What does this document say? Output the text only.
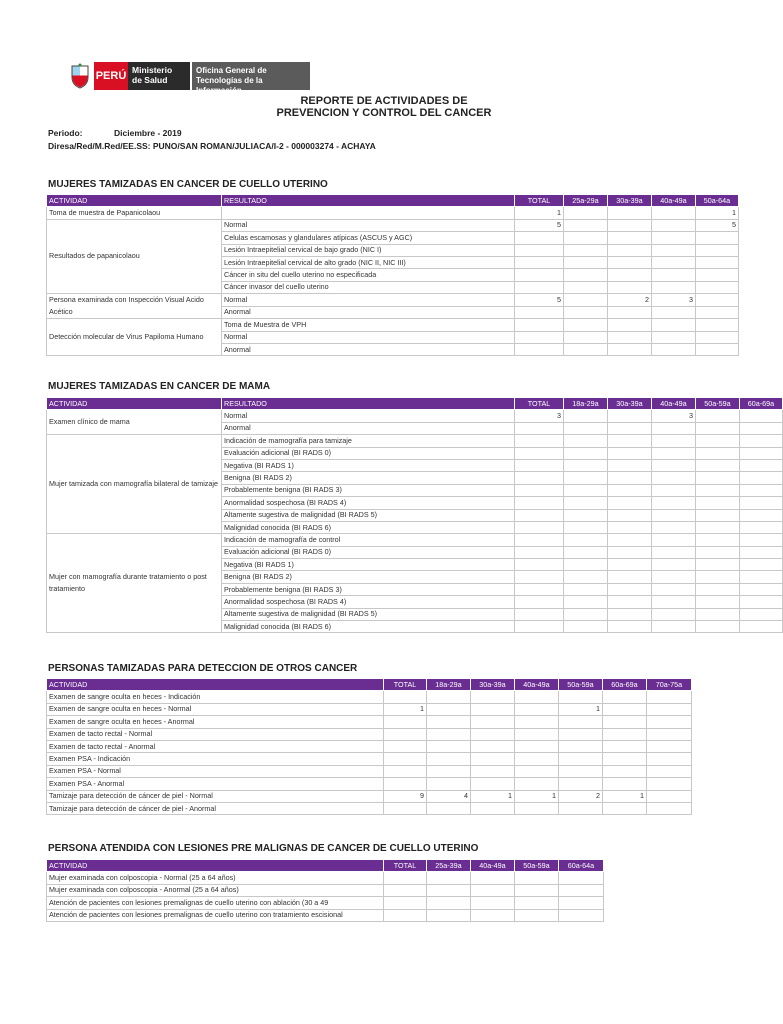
PERÚ Ministerio
de Salud
Oficina General de
Tecnologías de la Información
REPORTE DE ACTIVIDADES DE
PREVENCION Y CONTROL DEL CANCER
Periodo:	Diciembre - 2019
Diresa/Red/M.Red/EE.SS: PUNO/SAN ROMAN/JULIACA/I-2 - 000003274 - ACHAYA
MUJERES TAMIZADAS EN CANCER DE CUELLO UTERINO
ACTIVIDAD	RESULTADO	TOTAL	25a-29a	30a-39a	40a-49a	50a-64a
Toma de muestra de Papanicolaou		1				1
Resultados de papanicolaou	Normal	5				5
	Celulas escamosas y glandulares atípicas (ASCUS y AGC)					
	Lesión Intraepitelial cervical de bajo grado (NIC I)					
	Lesión Intraepitelial cervical de alto grado (NIC II, NIC III)					
	Cáncer in situ del cuello uterino no especificada					
	Cáncer invasor del cuello uterino					
Persona examinada con Inspección Visual Acido Acético	Normal	5		2	3	
	Anormal					
Detección molecular de Virus Papiloma Humano	Toma de Muestra de VPH					
	Normal					
	Anormal					
MUJERES TAMIZADAS EN CANCER DE MAMA
ACTIVIDAD	RESULTADO	TOTAL	18a-29a	30a-39a	40a-49a	50a-59a	60a-69a
Examen clínico de mama	Normal	3			3		
	Anormal						
Mujer tamizada con mamografía bilateral de tamizaje	Indicación de mamografía para tamizaje						
	Evaluación adicional (BI RADS 0)						
	Negativa (BI RADS 1)						
	Benigna (BI RADS 2)						
	Probablemente benigna (BI RADS 3)						
	Anormalidad sospechosa (BI RADS 4)						
	Altamente sugestiva de malignidad (BI RADS 5)						
	Malignidad conocida (BI RADS 6)						
Mujer con mamografía durante tratamiento o post tratamiento	Indicación de mamografía de control						
	Evaluación adicional (BI RADS 0)						
	Negativa (BI RADS 1)						
	Benigna (BI RADS 2)						
	Probablemente benigna (BI RADS 3)						
	Anormalidad sospechosa (BI RADS 4)						
	Altamente sugestiva de malignidad (BI RADS 5)						
	Malignidad conocida (BI RADS 6)						
PERSONAS TAMIZADAS PARA DETECCION DE OTROS CANCER
ACTIVIDAD	TOTAL	18a-29a	30a-39a	40a-49a	50a-59a	60a-69a	70a-75a
Examen de sangre oculta en heces - Indicación							
Examen de sangre oculta en heces - Normal	1				1		
Examen de sangre oculta en heces - Anormal							
Examen de tacto rectal - Normal							
Examen de tacto rectal - Anormal							
Examen PSA - Indicación							
Examen PSA - Normal							
Examen PSA - Anormal							
Tamizaje para detección de cáncer de piel - Normal	9	4	1	1	2	1	
Tamizaje para detección de cáncer de piel - Anormal							
PERSONA ATENDIDA CON LESIONES PRE MALIGNAS DE CANCER DE CUELLO UTERINO
ACTIVIDAD	TOTAL	25a-39a	40a-49a	50a-59a	60a-64a
Mujer examinada con colposcopia - Normal (25 a 64 años)					
Mujer examinada con colposcopia - Anormal (25 a 64 años)					
Atención de pacientes con lesiones premalignas de cuello uterino con ablación (30 a 49					
Atención de pacientes con lesiones premalignas de cuello uterino con tratamiento escisional					
